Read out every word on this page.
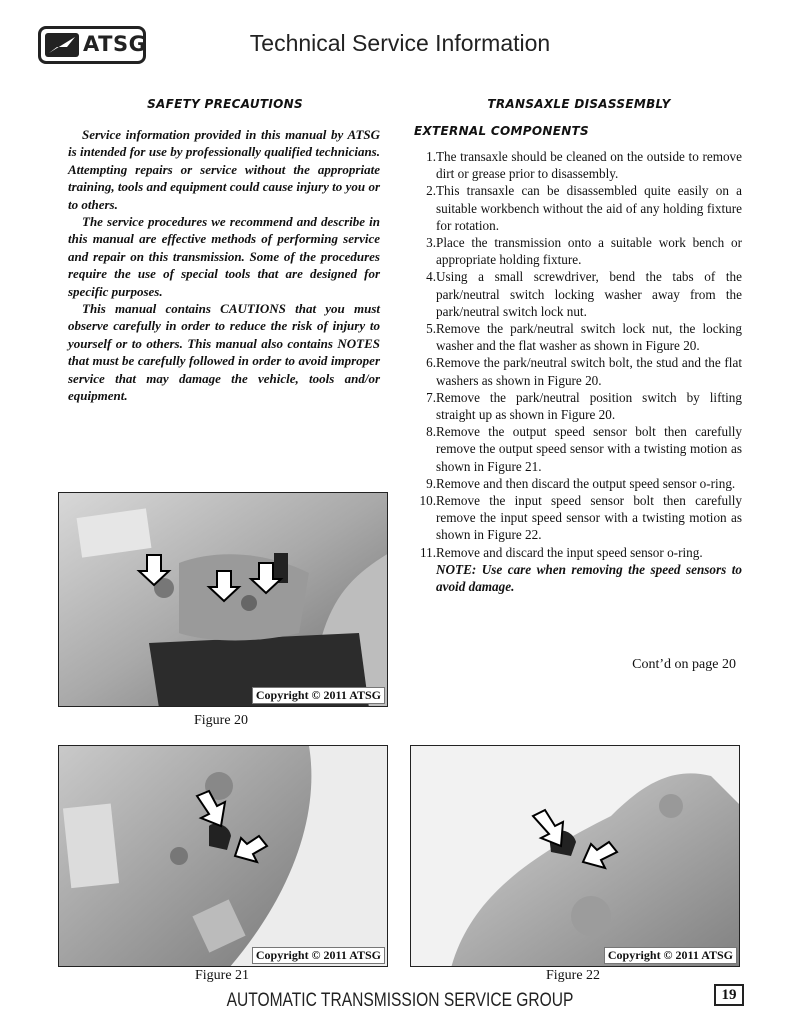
ATSG	Technical Service Information
SAFETY PRECAUTIONS

Service information provided in this manual by ATSG is intended for use by professionally qualified technicians. Attempting repairs or service without the appropriate training, tools and equipment could cause injury to you or to others.

The service procedures we recommend and describe in this manual are effective methods of performing service and repair on this transmission. Some of the procedures require the use of special tools that are designed for specific purposes.

This manual contains CAUTIONS that you must observe carefully in order to reduce the risk of injury to yourself or to others. This manual also contains NOTES that must be carefully followed in order to avoid improper service that may damage the vehicle, tools and/or equipment.

TRANSAXLE DISASSEMBLY
EXTERNAL COMPONENTS
1. The transaxle should be cleaned on the outside to remove dirt or grease prior to disassembly.
2. This transaxle can be disassembled quite easily on a suitable workbench without the aid of any holding fixture for rotation.
3. Place the transmission onto a suitable work bench or appropriate holding fixture.
4. Using a small screwdriver, bend the tabs of the park/neutral switch locking washer away from the park/neutral switch lock nut.
5. Remove the park/neutral switch lock nut, the locking washer and the flat washer as shown in Figure 20.
6. Remove the park/neutral switch bolt, the stud and the flat washers as shown in Figure 20.
7. Remove the park/neutral position switch by lifting straight up as shown in Figure 20.
8. Remove the output speed sensor bolt then carefully remove the output speed sensor with a twisting motion as shown in Figure 21.
9. Remove and then discard the output speed sensor o-ring.
10. Remove the input speed sensor bolt then carefully remove the input speed sensor with a twisting motion as shown in Figure 22.
11. Remove and discard the input speed sensor o-ring.
NOTE: Use care when removing the speed sensors to avoid damage.
Cont’d on page 20
Copyright © 2011 ATSG
Figure 20
Copyright © 2011 ATSG
Figure 21
Copyright © 2011 ATSG
Figure 22
AUTOMATIC TRANSMISSION SERVICE GROUP	19
